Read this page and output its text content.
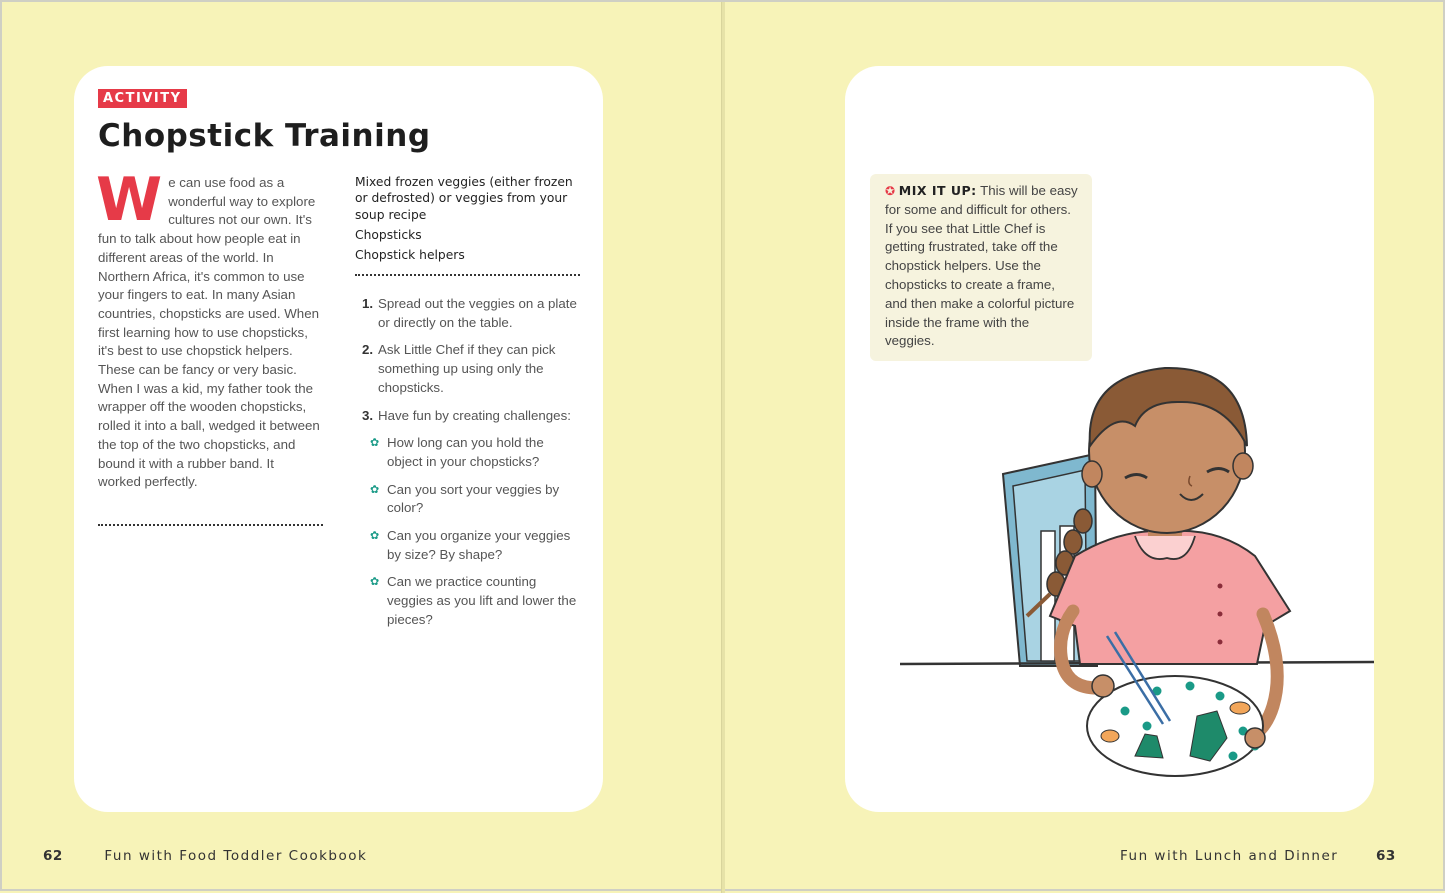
ACTIVITY
Chopstick Training
We can use food as a wonderful way to explore cultures not our own. It's fun to talk about how people eat in different areas of the world. In Northern Africa, it's common to use your fingers to eat. In many Asian countries, chopsticks are used. When first learning how to use chopsticks, it's best to use chopstick helpers. These can be fancy or very basic. When I was a kid, my father took the wrapper off the wooden chopsticks, rolled it into a ball, wedged it between the top of the two chopsticks, and bound it with a rubber band. It worked perfectly.
Mixed frozen veggies (either frozen or defrosted) or veggies from your soup recipe
Chopsticks
Chopstick helpers
1. Spread out the veggies on a plate or directly on the table.
2. Ask Little Chef if they can pick something up using only the chopsticks.
3. Have fun by creating challenges:
✿ How long can you hold the object in your chopsticks?
✿ Can you sort your veggies by color?
✿ Can you organize your veggies by size? By shape?
✿ Can we practice counting veggies as you lift and lower the pieces?
62	Fun with Food Toddler Cookbook
✪ MIX IT UP: This will be easy for some and difficult for others. If you see that Little Chef is getting frustrated, take off the chopstick helpers. Use the chopsticks to create a frame, and then make a colorful picture inside the frame with the veggies.
Fun with Lunch and Dinner	63
